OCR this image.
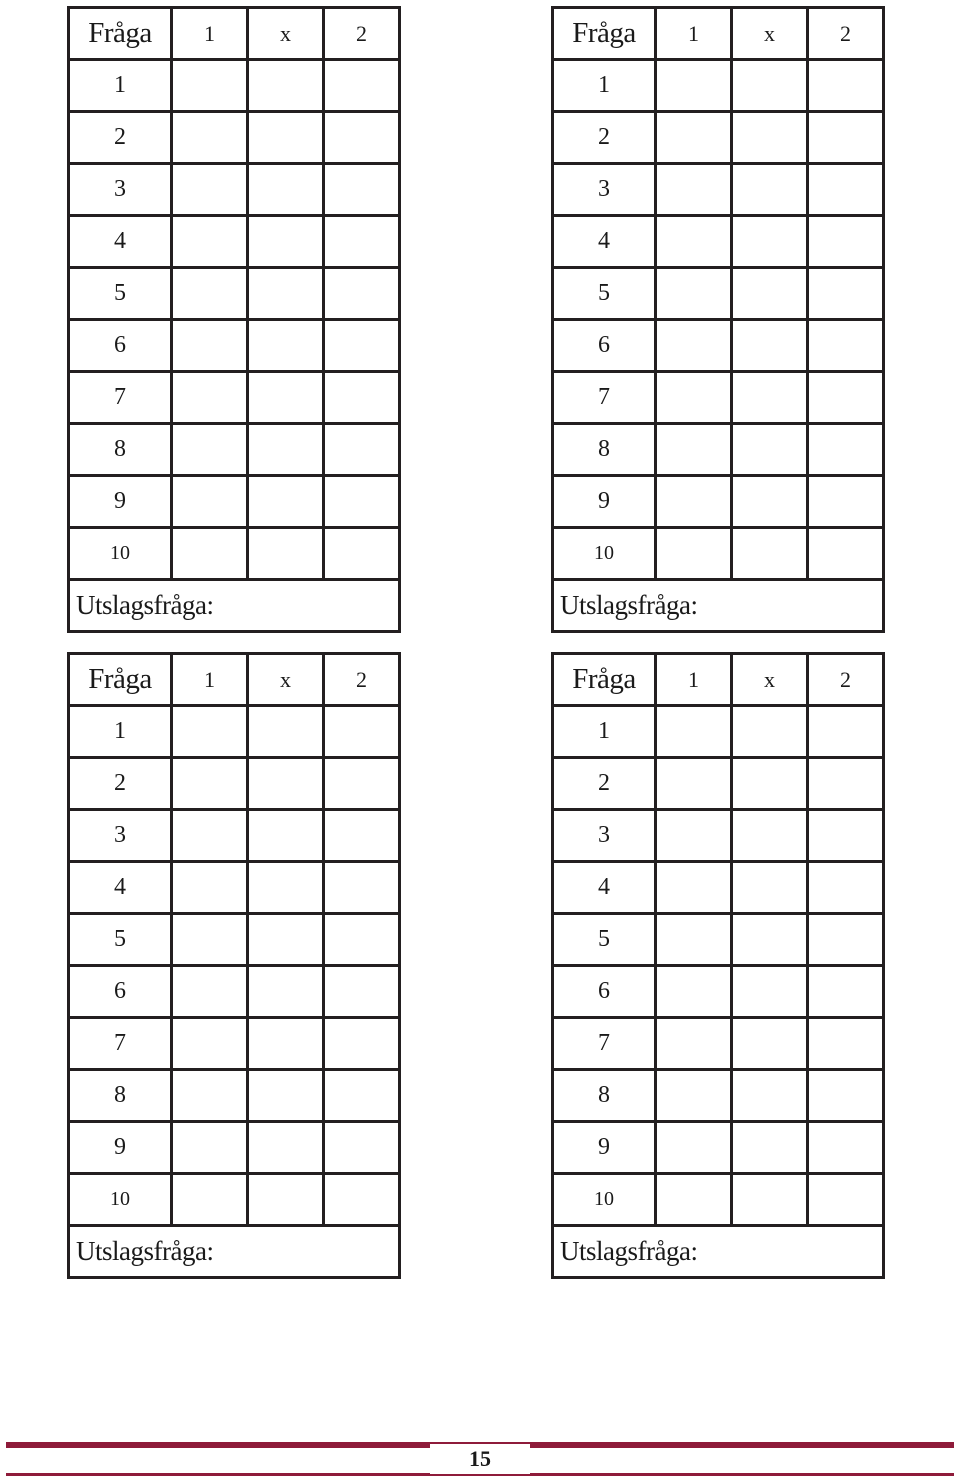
Fråga	1	x	2
1			
2			
3			
4			
5			
6			
7			
8			
9			
10			
Utslagsfråga:			
Fråga	1	x	2
1			
2			
3			
4			
5			
6			
7			
8			
9			
10			
Utslagsfråga:			
Fråga	1	x	2
1			
2			
3			
4			
5			
6			
7			
8			
9			
10			
Utslagsfråga:			
Fråga	1	x	2
1			
2			
3			
4			
5			
6			
7			
8			
9			
10			
Utslagsfråga:			
15
